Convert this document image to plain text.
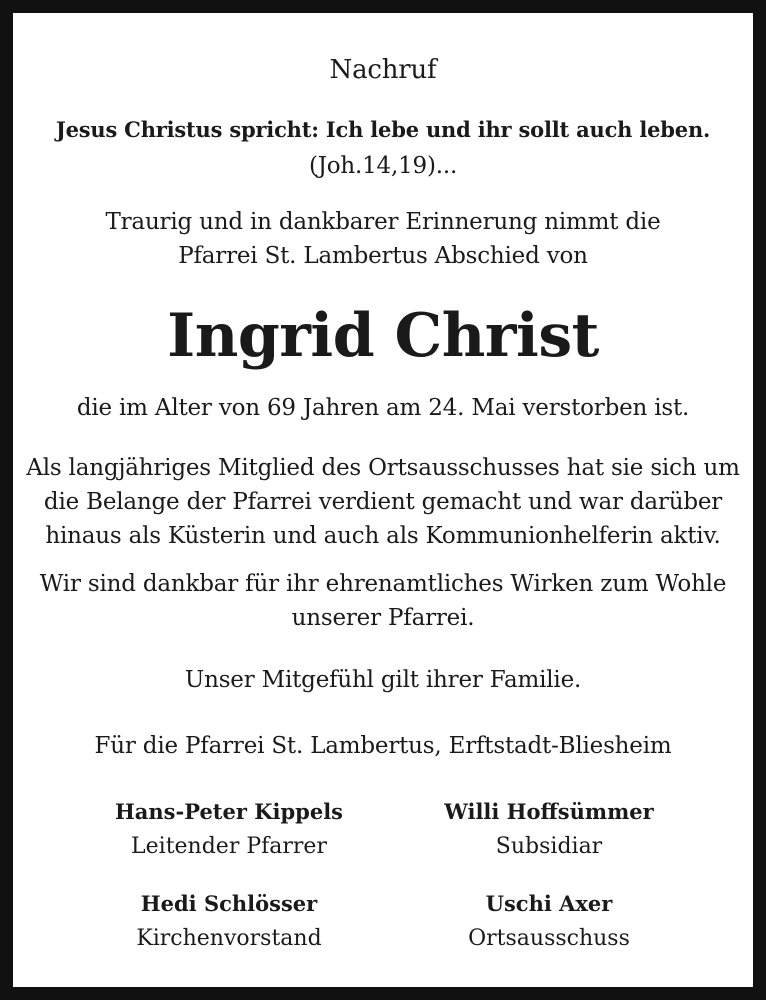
Nachruf
Jesus Christus spricht: Ich lebe und ihr sollt auch leben.
(Joh.14,19)...
Traurig und in dankbarer Erinnerung nimmt die
Pfarrei St. Lambertus Abschied von
Ingrid Christ
die im Alter von 69 Jahren am 24. Mai verstorben ist.
Als langjähriges Mitglied des Ortsausschusses hat sie sich um
die Belange der Pfarrei verdient gemacht und war darüber
hinaus als Küsterin und auch als Kommunionhelferin aktiv.
Wir sind dankbar für ihr ehrenamtliches Wirken zum Wohle
unserer Pfarrei.
Unser Mitgefühl gilt ihrer Familie.
Für die Pfarrei St. Lambertus, Erftstadt-Bliesheim
Hans-Peter Kippels
Leitender Pfarrer
Willi Hoffsümmer
Subsidiar
Hedi Schlösser
Kirchenvorstand
Uschi Axer
Ortsausschuss
